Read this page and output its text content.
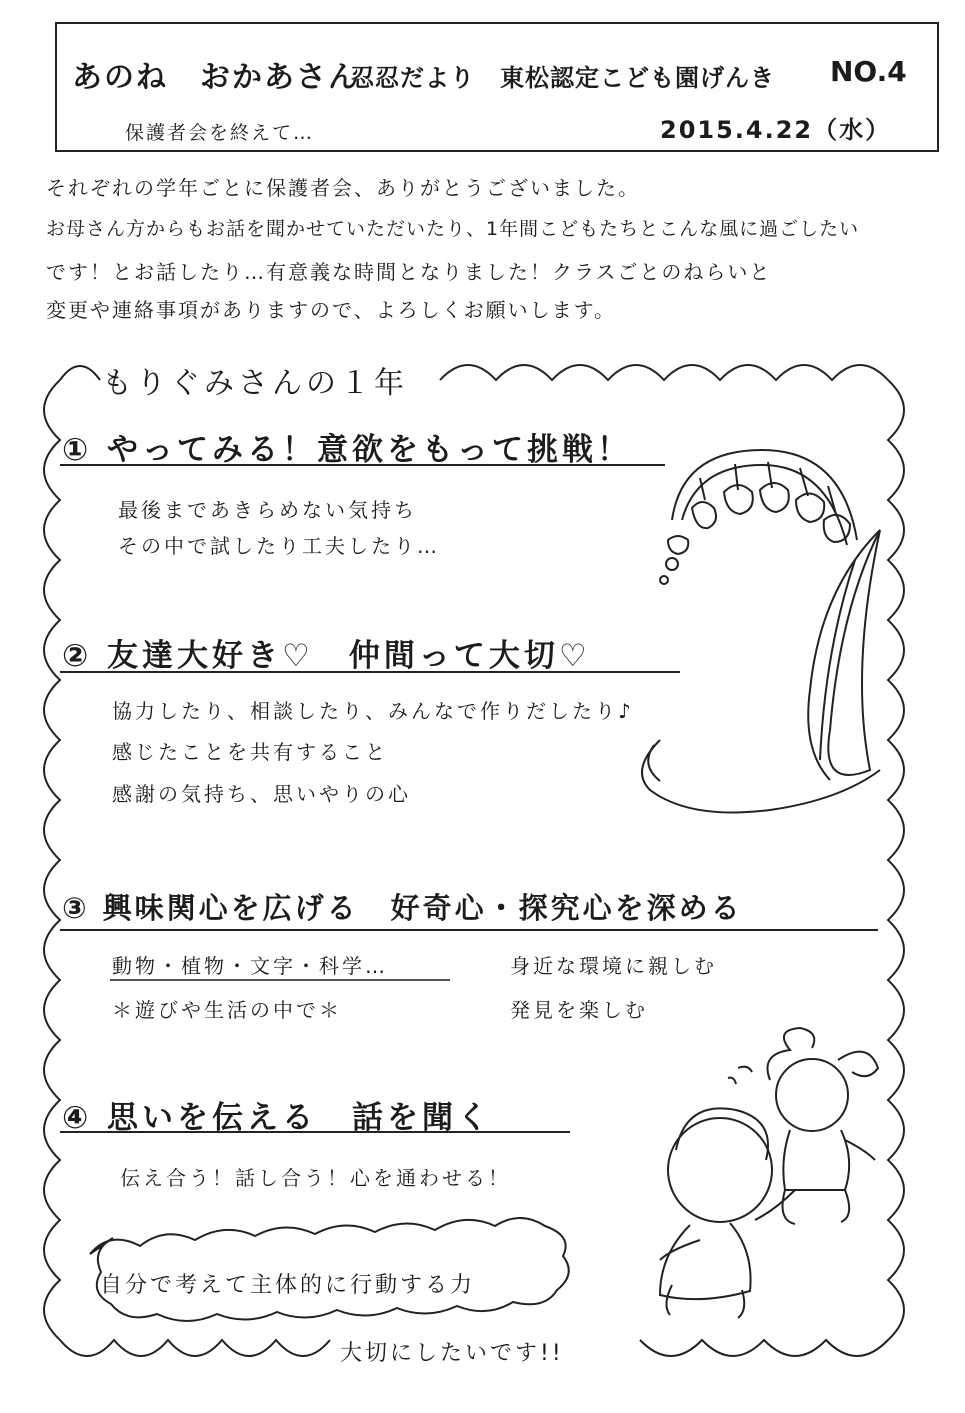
あのね　おかあさん
忍忍だより　東松認定こども園げんき NO.4
保護者会を終えて…	2015.4.22（水）
それぞれの学年ごとに保護者会、ありがとうございました。
お母さん方からもお話を聞かせていただいたり、1年間こどもたちとこんな風に過ごしたい
です！とお話したり…有意義な時間となりました！クラスごとのねらいと
変更や連絡事項がありますので、よろしくお願いします。
もりぐみさんの１年
① やってみる！意欲をもって挑戦！
最後まであきらめない気持ち
その中で試したり工夫したり…
② 友達大好き♡　仲間って大切♡
協力したり、相談したり、みんなで作りだしたり♪
感じたことを共有すること
感謝の気持ち、思いやりの心
③ 興味関心を広げる　好奇心・探究心を深める
動物・植物・文字・科学…
＊遊びや生活の中で＊
身近な環境に親しむ
発見を楽しむ
④ 思いを伝える　話を聞く
伝え合う！話し合う！心を通わせる！
自分で考えて主体的に行動する力
大切にしたいです!!
